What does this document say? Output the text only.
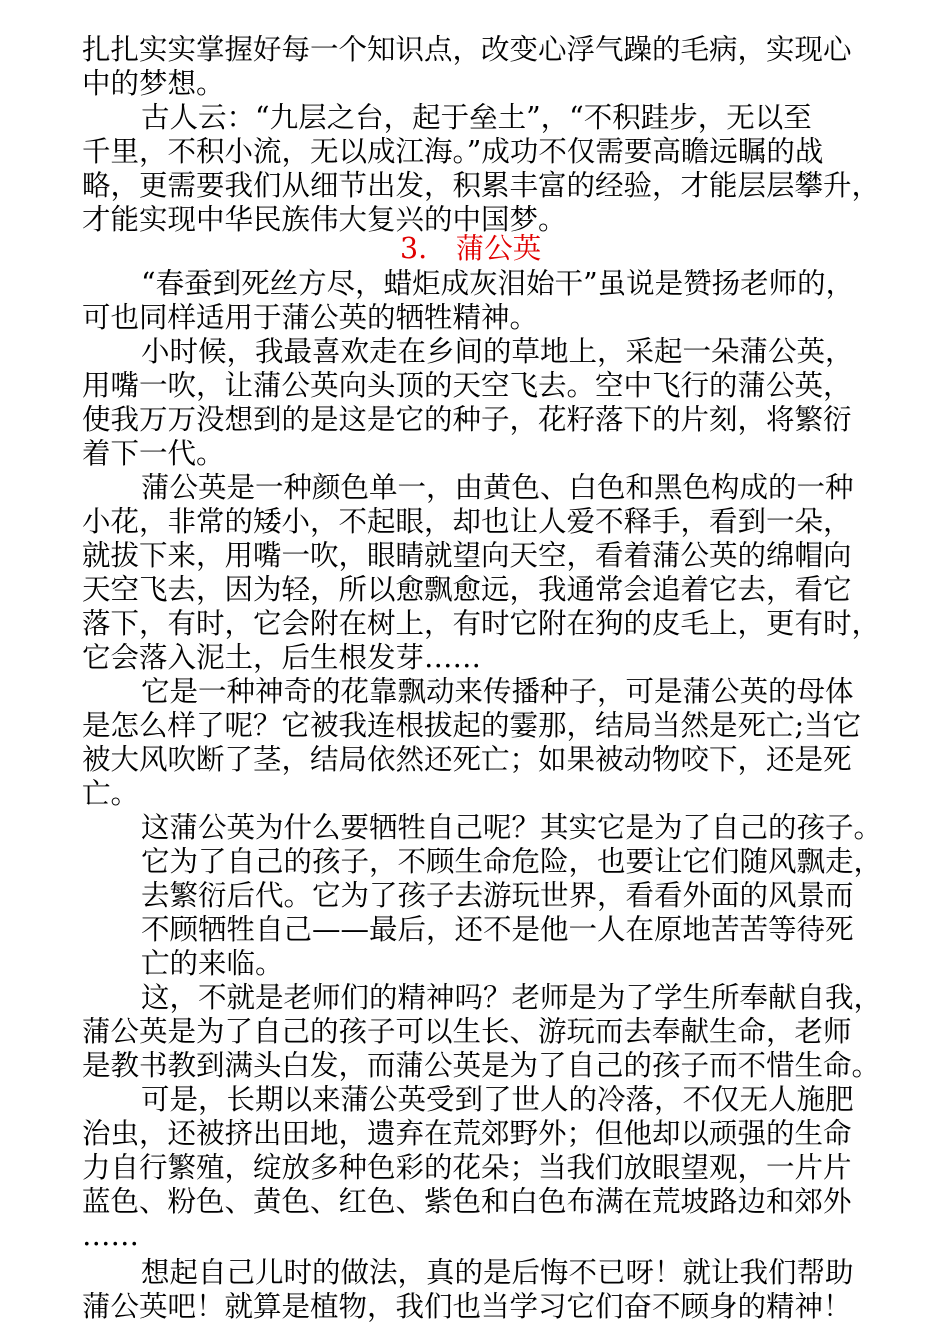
扎扎实实掌握好每一个知识点，改变心浮气躁的毛病，实现心
中的梦想。
古人云：“九层之台，起于垒土”，“不积跬步，无以至
千里，不积小流，无以成江海。”成功不仅需要高瞻远瞩的战
略，更需要我们从细节出发，积累丰富的经验，才能层层攀升，
才能实现中华民族伟大复兴的中国梦。
3.　蒲公英
“春蚕到死丝方尽，蜡炬成灰泪始干”虽说是赞扬老师的，
可也同样适用于蒲公英的牺牲精神。
小时候，我最喜欢走在乡间的草地上，采起一朵蒲公英，
用嘴一吹，让蒲公英向头顶的天空飞去。空中飞行的蒲公英，
使我万万没想到的是这是它的种子，花籽落下的片刻，将繁衍
着下一代。
蒲公英是一种颜色单一，由黄色、白色和黑色构成的一种
小花，非常的矮小，不起眼，却也让人爱不释手，看到一朵，
就拔下来，用嘴一吹，眼睛就望向天空，看着蒲公英的绵帽向
天空飞去，因为轻，所以愈飘愈远，我通常会追着它去，看它
落下，有时，它会附在树上，有时它附在狗的皮毛上，更有时，
它会落入泥土，后生根发芽……
它是一种神奇的花靠飘动来传播种子，可是蒲公英的母体
是怎么样了呢？它被我连根拔起的霎那，结局当然是死亡;当它
被大风吹断了茎，结局依然还死亡；如果被动物咬下，还是死
亡。
这蒲公英为什么要牺牲自己呢？其实它是为了自己的孩子。
它为了自己的孩子，不顾生命危险，也要让它们随风飘走，
去繁衍后代。它为了孩子去游玩世界，看看外面的风景而
不顾牺牲自己——最后，还不是他一人在原地苦苦等待死
亡的来临。
这，不就是老师们的精神吗？老师是为了学生所奉献自我，
蒲公英是为了自己的孩子可以生长、游玩而去奉献生命，老师
是教书教到满头白发，而蒲公英是为了自己的孩子而不惜生命。
可是，长期以来蒲公英受到了世人的冷落，不仅无人施肥
治虫，还被挤出田地，遗弃在荒郊野外；但他却以顽强的生命
力自行繁殖，绽放多种色彩的花朵；当我们放眼望观，一片片
蓝色、粉色、黄色、红色、紫色和白色布满在荒坡路边和郊外
……
想起自己儿时的做法，真的是后悔不已呀！就让我们帮助
蒲公英吧！就算是植物，我们也当学习它们奋不顾身的精神！
